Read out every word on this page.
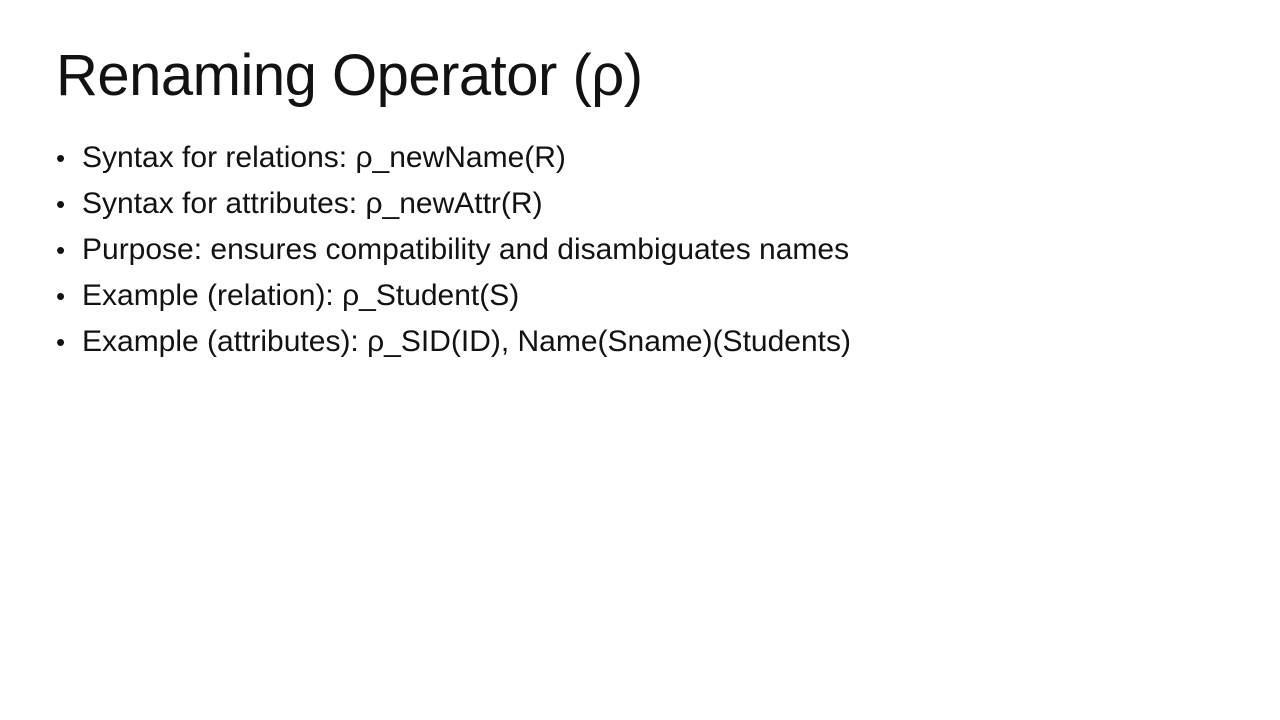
Renaming Operator (ρ)
• Syntax for relations: ρ_newName(R)
• Syntax for attributes: ρ_newAttr(R)
• Purpose: ensures compatibility and disambiguates names
• Example (relation): ρ_Student(S)
• Example (attributes): ρ_SID(ID), Name(Sname)(Students)
